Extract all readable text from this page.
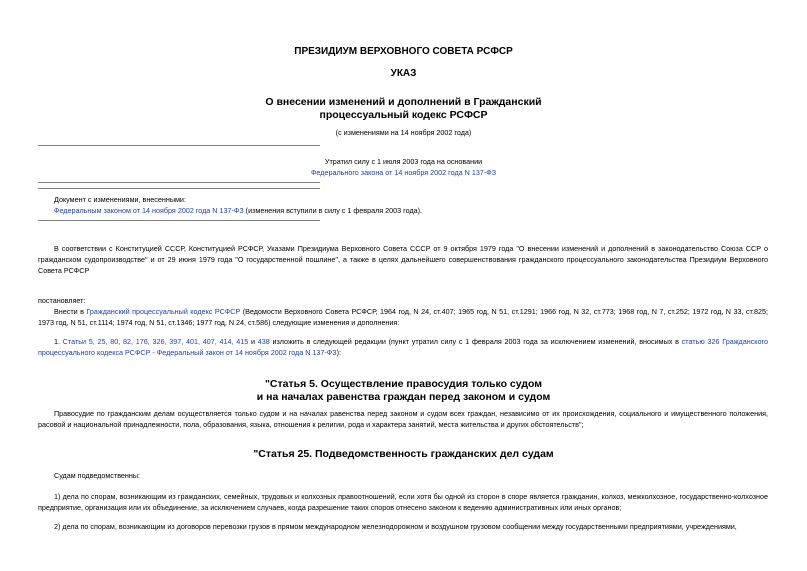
ПРЕЗИДИУМ ВЕРХОВНОГО СОВЕТА РСФСР
УКАЗ
О внесении изменений и дополнений в Гражданский
процессуальный кодекс РСФСР
(с изменениями на 14 ноября 2002 года)
Утратил силу с 1 июля 2003 года на основании
Федерального закона от 14 ноября 2002 года N 137-ФЗ
Документ с изменениями, внесенными:
Федеральным законом от 14 ноября 2002 года N 137-ФЗ (изменения вступили в силу с 1 февраля 2003 года).
В соответствии с Конституцией СССР, Конституцией РСФСР, Указами Президиума Верховного Совета СССР от 9 октября 1979 года "О внесении изменений и дополнений в законодательство Союза ССР о гражданском судопроизводстве" и от 29 июня 1979 года "О государственной пошлине", а также в целях дальнейшего совершенствования гражданского процессуального законодательства Президиум Верховного Совета РСФСР
постановляет:
Внести в Гражданский процессуальный кодекс РСФСР (Ведомости Верховного Совета РСФСР, 1964 год, N 24, ст.407; 1965 год, N 51, ст.1291; 1966 год, N 32, ст.773; 1968 год, N 7, ст.252; 1972 год, N 33, ст.825; 1973 год, N 51, ст.1114; 1974 год, N 51, ст.1346; 1977 год, N 24, ст.586) следующие изменения и дополнения:
1. Статьи 5, 25, 80, 82, 176, 326, 397, 401, 407, 414, 415 и 438 изложить в следующей редакции (пункт утратил силу с 1 февраля 2003 года за исключением изменений, вносимых в статью 326 Гражданского процессуального кодекса РСФСР - Федеральный закон от 14 ноября 2002 года N 137-ФЗ):
"Статья 5. Осуществление правосудия только судом
и на началах равенства граждан перед законом и судом
Правосудие по гражданским делам осуществляется только судом и на началах равенства перед законом и судом всех граждан, независимо от их происхождения, социального и имущественного положения, расовой и национальной принадлежности, пола, образования, языка, отношения к религии, рода и характера занятий, места жительства и других обстоятельств";
"Статья 25. Подведомственность гражданских дел судам
Судам подведомственны:
1) дела по спорам, возникающим из гражданских, семейных, трудовых и колхозных правоотношений, если хотя бы одной из сторон в споре является гражданин, колхоз, межколхозное, государственно-колхозное предприятие, организация или их объединение, за исключением случаев, когда разрешение таких споров отнесено законом к ведению административных или иных органов;
2) дела по спорам, возникающим из договоров перевозки грузов в прямом международном железнодорожном и воздушном грузовом сообщении между государственными предприятиями, учреждениями,
